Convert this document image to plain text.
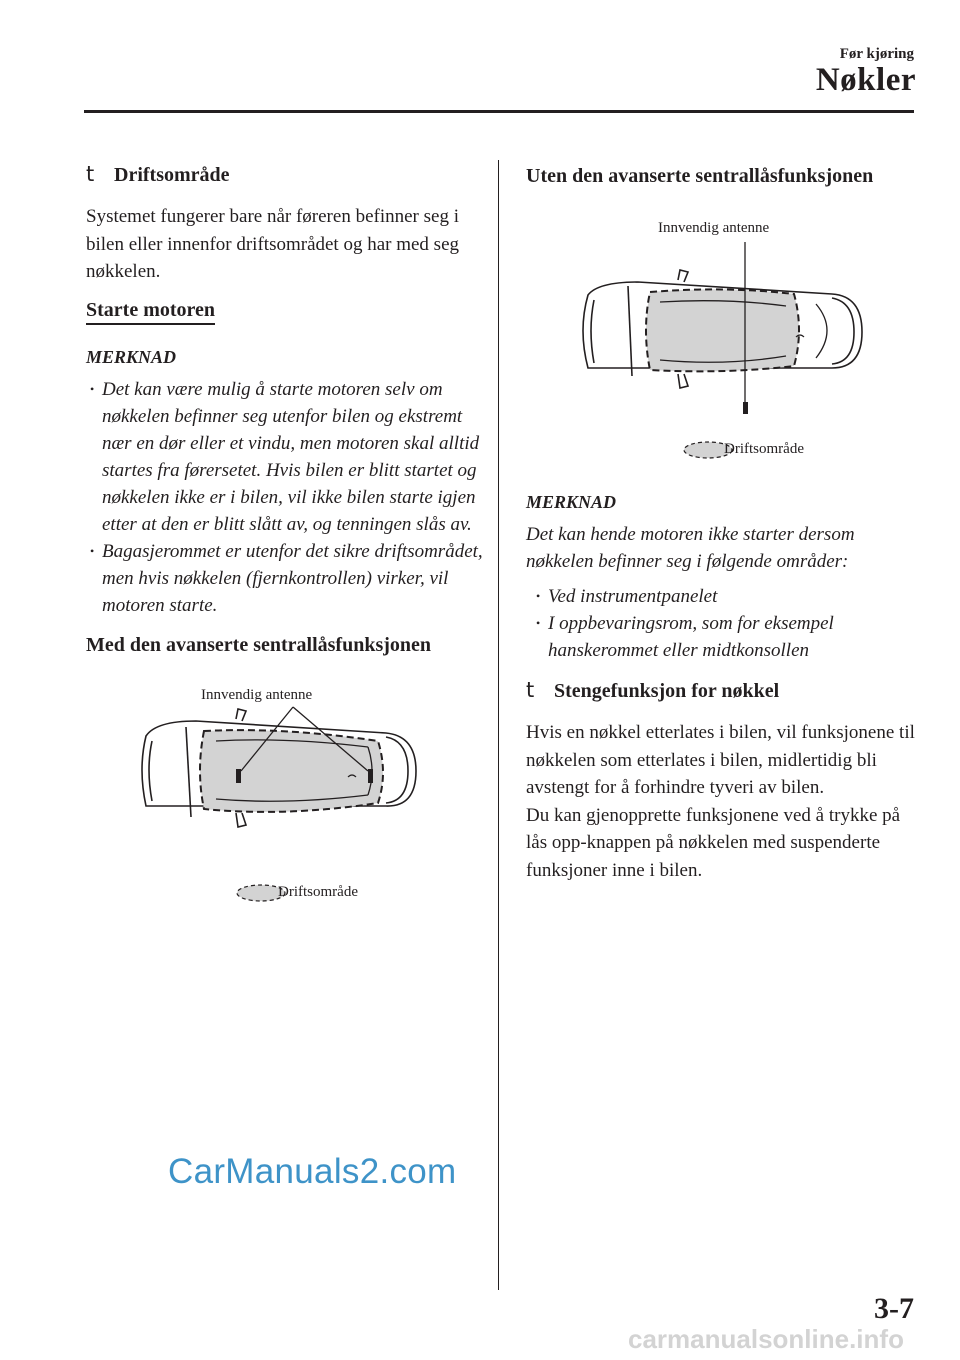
Før kjøring
Nøkler
t Driftsområde

Systemet fungerer bare når føreren befinner seg i bilen eller innenfor driftsområdet og har med seg nøkkelen.

Starte motoren
MERKNAD
• Det kan være mulig å starte motoren selv om nøkkelen befinner seg utenfor bilen og ekstremt nær en dør eller et vindu, men motoren skal alltid startes fra førersetet. Hvis bilen er blitt startet og nøkkelen ikke er i bilen, vil ikke bilen starte igjen etter at den er blitt slått av, og tenningen slås av.
• Bagasjerommet er utenfor det sikre driftsområdet, men hvis nøkkelen (fjernkontrollen) virker, vil motoren starte.
Med den avanserte sentrallåsfunksjonen
Innvendig antenne
Driftsområde
Uten den avanserte sentrallåsfunksjonen
Innvendig antenne
Driftsområde
MERKNAD

Det kan hende motoren ikke starter dersom nøkkelen befinner seg i følgende områder:

• Ved instrumentpanelet
• I oppbevaringsrom, som for eksempel hanskerommet eller midtkonsollen
t Stengefunksjon for nøkkel

Hvis en nøkkel etterlates i bilen, vil funksjonene til nøkkelen som etterlates i bilen, midlertidig bli avstengt for å forhindre tyveri av bilen.

Du kan gjenopprette funksjonene ved å trykke på lås opp-knappen på nøkkelen med suspenderte funksjoner inne i bilen.

CarManuals2.com
3-7
carmanualsonline.info
